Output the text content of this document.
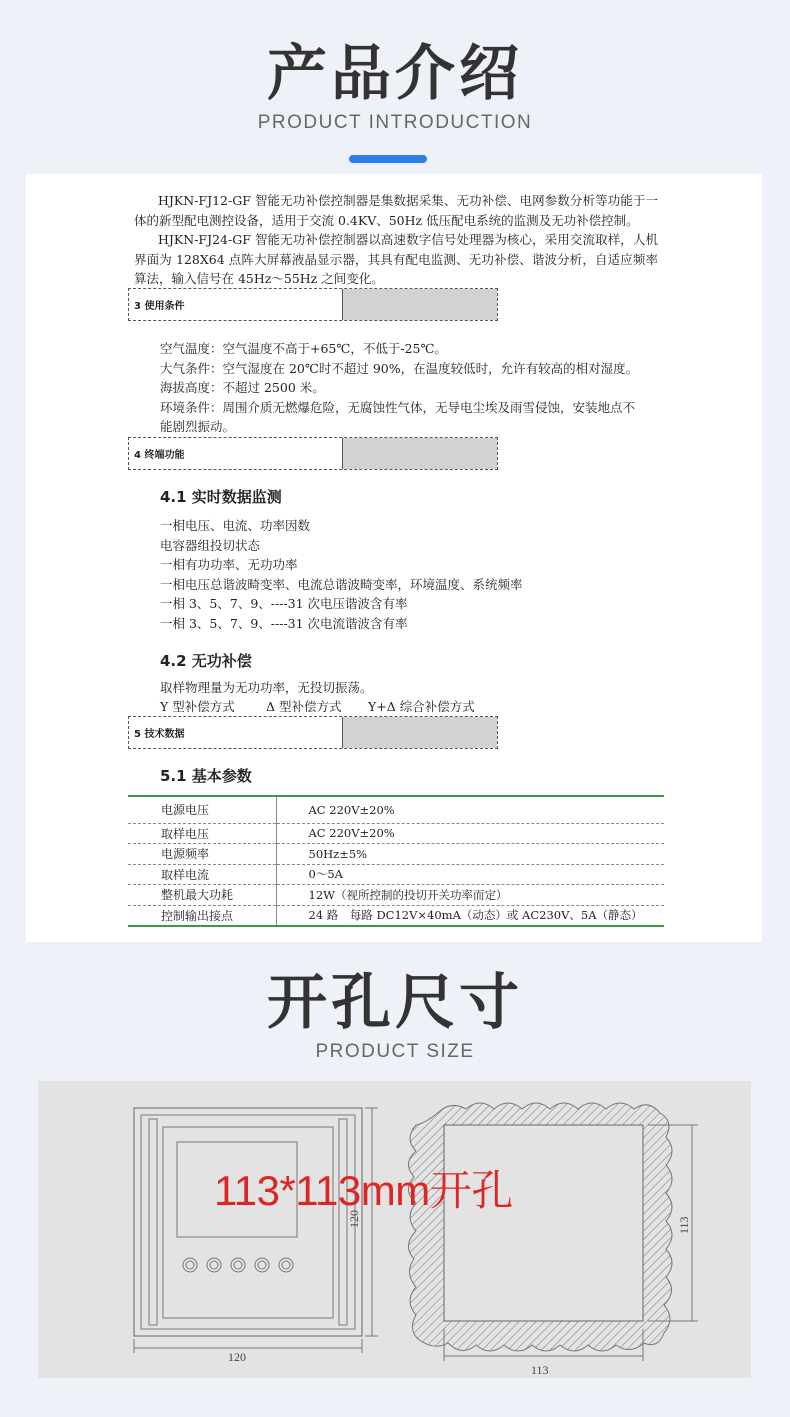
产品介绍
PRODUCT INTRODUCTION
HJKN-FJ12-GF 智能无功补偿控制器是集数据采集、无功补偿、电网参数分析等功能于一体的新型配电测控设备，适用于交流 0.4KV、50Hz 低压配电系统的监测及无功补偿控制。
HJKN-FJ24-GF 智能无功补偿控制器以高速数字信号处理器为核心，采用交流取样，人机界面为 128X64 点阵大屏幕液晶显示器，其具有配电监测、无功补偿、谐波分析，自适应频率算法，输入信号在 45Hz～55Hz 之间变化。
3 使用条件
空气温度：空气温度不高于+65℃，不低于-25℃。
大气条件：空气湿度在 20℃时不超过 90%，在温度较低时，允许有较高的相对湿度。
海拔高度：不超过 2500 米。
环境条件：周围介质无燃爆危险，无腐蚀性气体，无导电尘埃及雨雪侵蚀，安装地点不
能剧烈振动。
4 终端功能
4.1 实时数据监测
一相电压、电流、功率因数
电容器组投切状态
一相有功功率、无功功率
一相电压总谐波畸变率、电流总谐波畸变率，环境温度、系统频率
一相 3、5、7、9、----31 次电压谐波含有率
一相 3、5、7、9、----31 次电流谐波含有率
4.2 无功补偿
取样物理量为无功功率，无投切振荡。
Y 型补偿方式	Δ 型补偿方式 Y+Δ 综合补偿方式
5 技术数据
5.1 基本参数
电源电压	AC 220V±20%
取样电压	AC 220V±20%
电源频率	50Hz±5%
取样电流	0～5A
整机最大功耗	12W（视所控制的投切开关功率而定）
控制输出接点	24 路　每路 DC12V×40mA（动态）或 AC230V、5A（静态）
开孔尺寸
PRODUCT SIZE
120
120
113
113
113*113mm开孔
